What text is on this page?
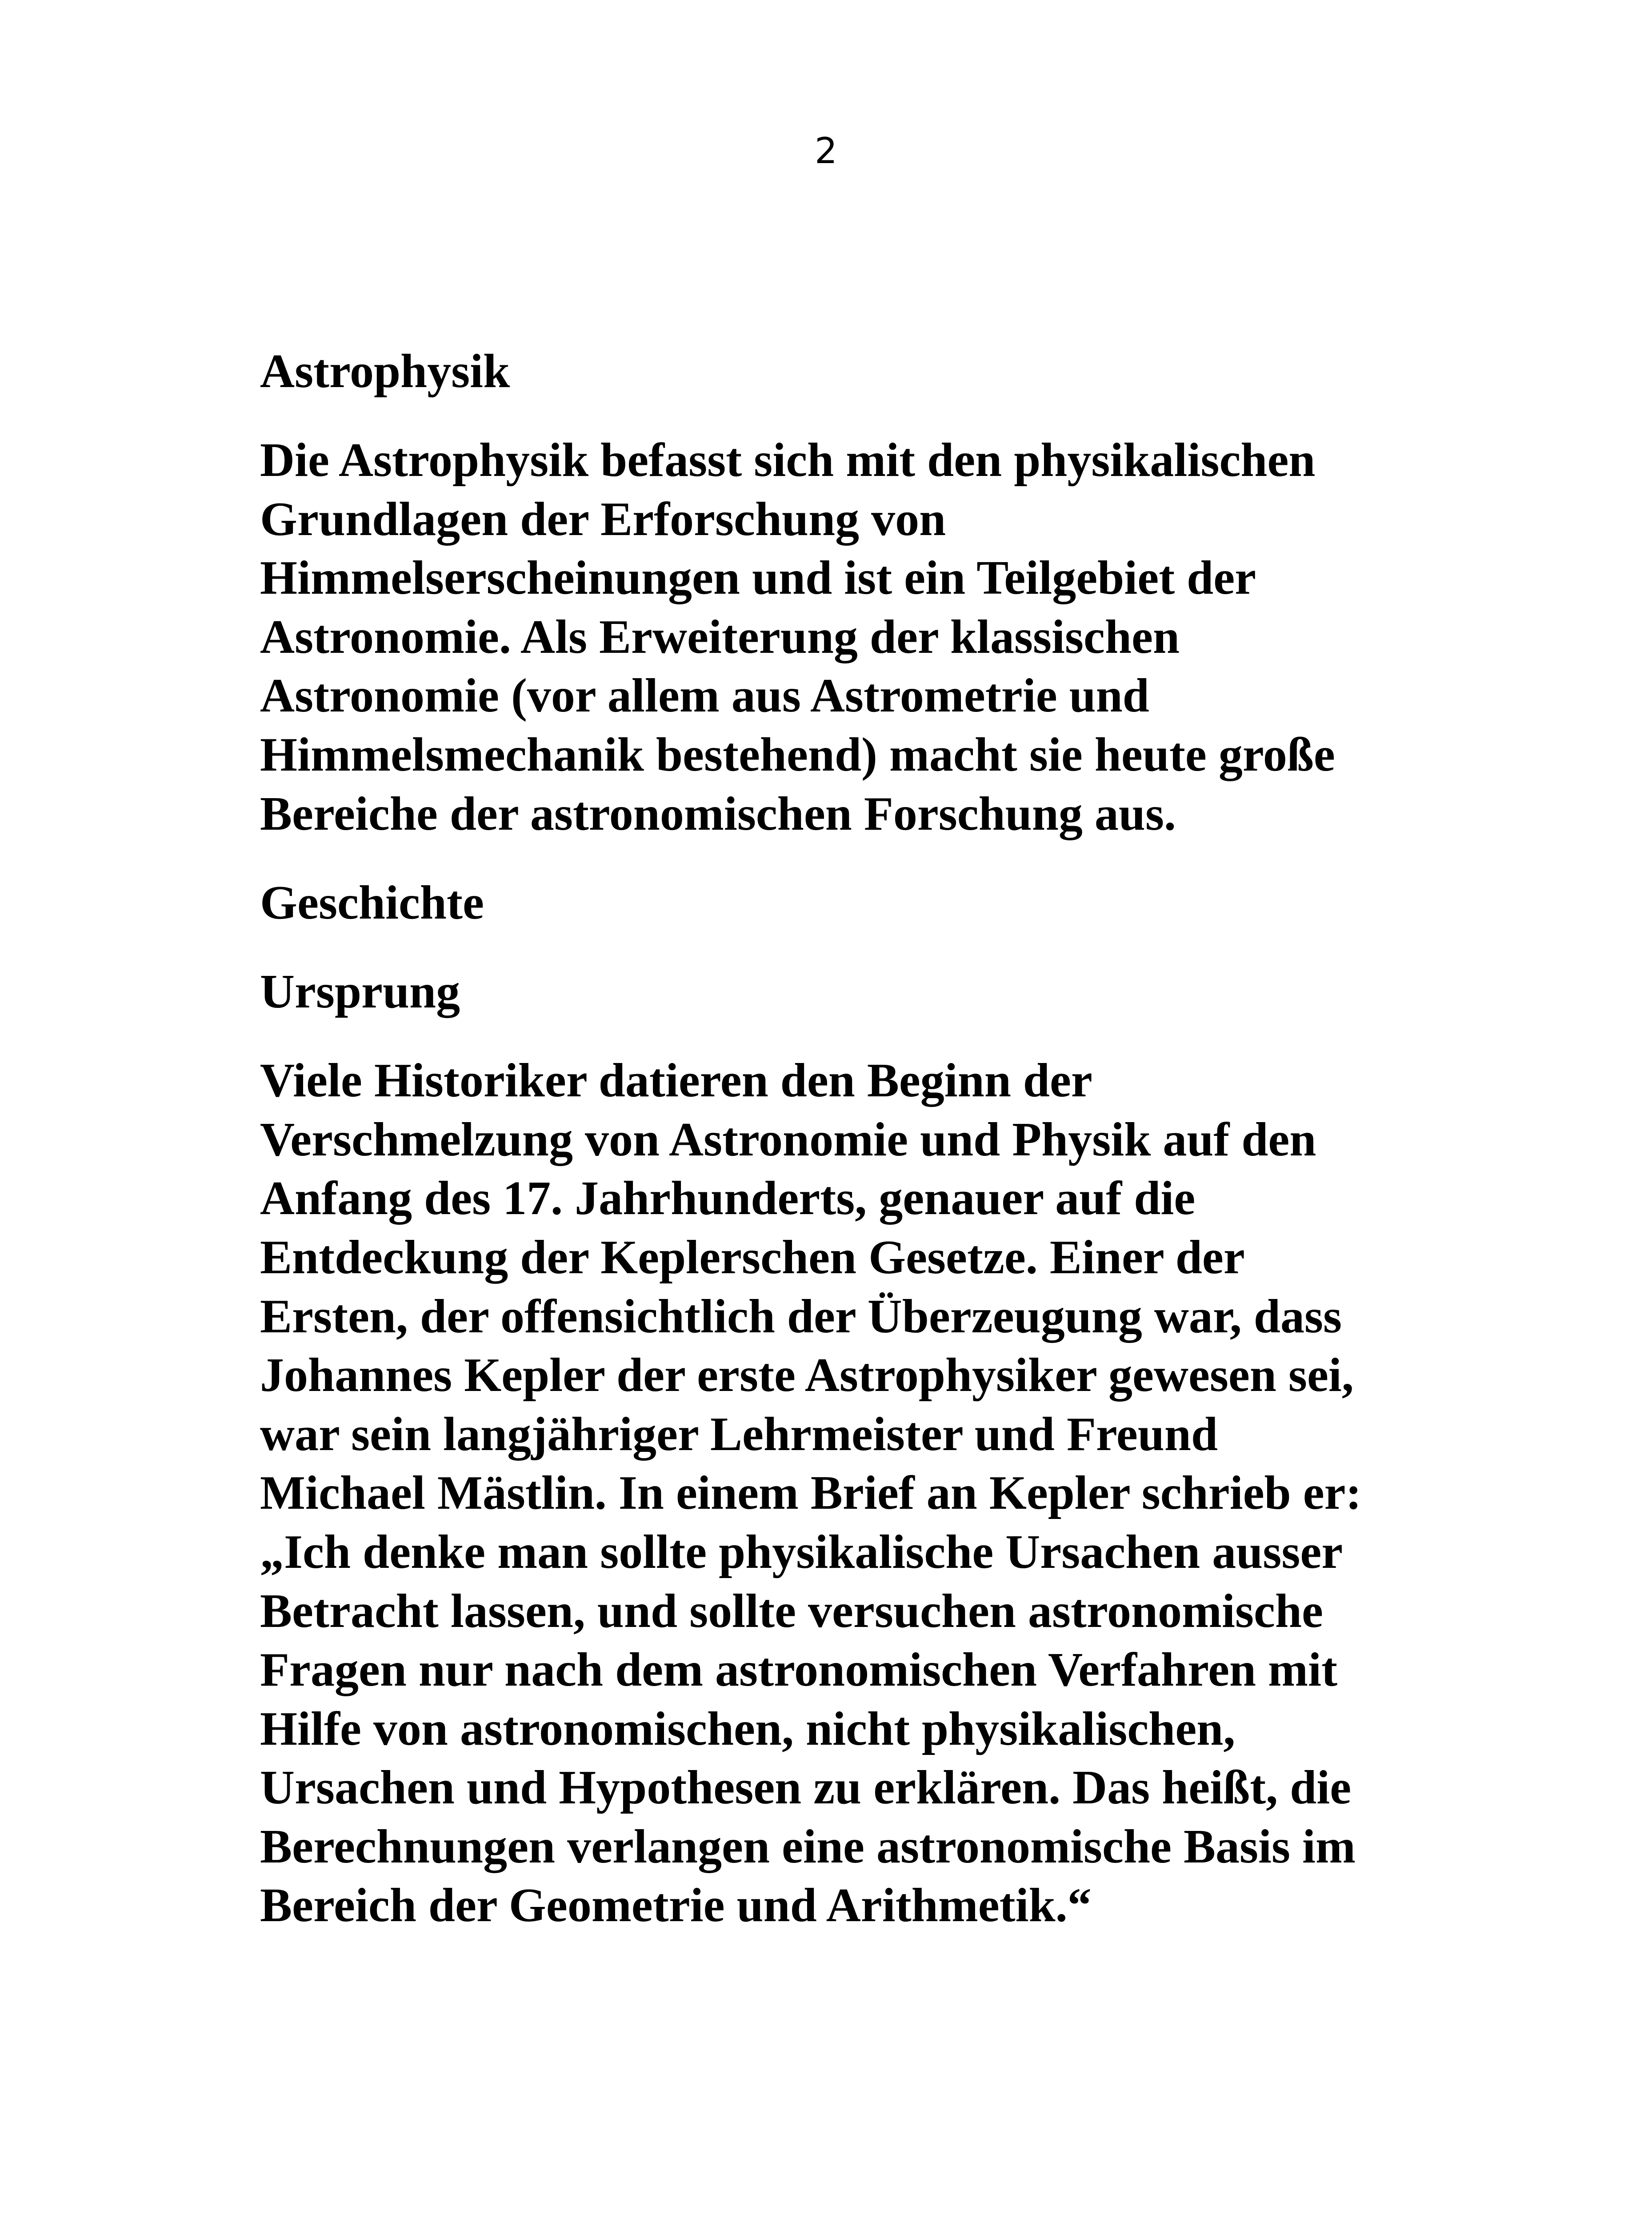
2

Astrophysik

Die Astrophysik befasst sich mit den physikalischen
Grundlagen der Erforschung von
Himmelserscheinungen und ist ein Teilgebiet der
Astronomie. Als Erweiterung der klassischen
Astronomie (vor allem aus Astrometrie und
Himmelsmechanik bestehend) macht sie heute große
Bereiche der astronomischen Forschung aus.

Geschichte

Ursprung

Viele Historiker datieren den Beginn der
Verschmelzung von Astronomie und Physik auf den
Anfang des 17. Jahrhunderts, genauer auf die
Entdeckung der Keplerschen Gesetze. Einer der
Ersten, der offensichtlich der Überzeugung war, dass
Johannes Kepler der erste Astrophysiker gewesen sei,
war sein langjähriger Lehrmeister und Freund
Michael Mästlin. In einem Brief an Kepler schrieb er:
„Ich denke man sollte physikalische Ursachen ausser
Betracht lassen, und sollte versuchen astronomische
Fragen nur nach dem astronomischen Verfahren mit
Hilfe von astronomischen, nicht physikalischen,
Ursachen und Hypothesen zu erklären. Das heißt, die
Berechnungen verlangen eine astronomische Basis im
Bereich der Geometrie und Arithmetik.“
